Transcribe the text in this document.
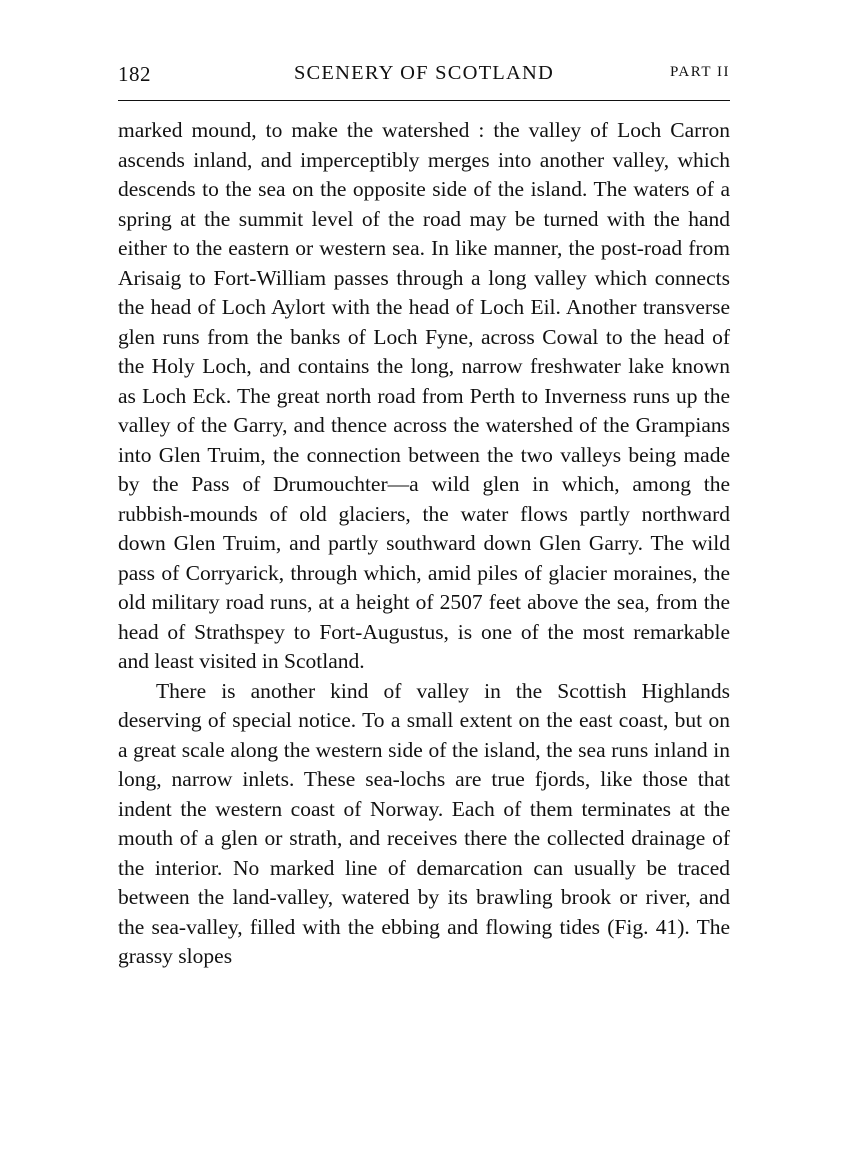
182	SCENERY OF SCOTLAND	PART II

marked mound, to make the watershed : the valley of Loch Carron ascends inland, and imperceptibly merges into another valley, which descends to the sea on the opposite side of the island. The waters of a spring at the summit level of the road may be turned with the hand either to the eastern or western sea. In like manner, the post-road from Arisaig to Fort-William passes through a long valley which connects the head of Loch Aylort with the head of Loch Eil. Another transverse glen runs from the banks of Loch Fyne, across Cowal to the head of the Holy Loch, and contains the long, narrow freshwater lake known as Loch Eck. The great north road from Perth to Inverness runs up the valley of the Garry, and thence across the watershed of the Grampians into Glen Truim, the connection between the two valleys being made by the Pass of Drumouchter—a wild glen in which, among the rubbish-mounds of old glaciers, the water flows partly northward down Glen Truim, and partly southward down Glen Garry. The wild pass of Corryarick, through which, amid piles of glacier moraines, the old military road runs, at a height of 2507 feet above the sea, from the head of Strathspey to Fort-Augustus, is one of the most remarkable and least visited in Scotland.

There is another kind of valley in the Scottish Highlands deserving of special notice. To a small extent on the east coast, but on a great scale along the western side of the island, the sea runs inland in long, narrow inlets. These sea-lochs are true fjords, like those that indent the western coast of Norway. Each of them terminates at the mouth of a glen or strath, and receives there the collected drainage of the interior. No marked line of demarcation can usually be traced between the land-valley, watered by its brawling brook or river, and the sea-valley, filled with the ebbing and flowing tides (Fig. 41). The grassy slopes
